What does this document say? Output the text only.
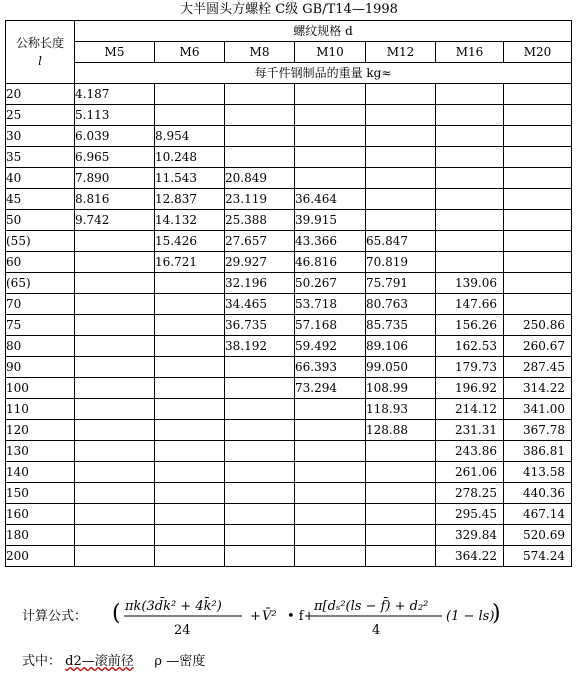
大半圆头方螺栓 C级 GB/T14—1998
公称长度
l	螺纹规格 d						
	M5	M6	M8	M10	M12	M16	M20
	每千件钢制品的重量 kg≈						
20	4.187						
25	5.113						
30	6.039	8.954					
35	6.965	10.248					
40	7.890	11.543	20.849				
45	8.816	12.837	23.119	36.464			
50	9.742	14.132	25.388	39.915			
(55)		15.426	27.657	43.366	65.847		
60		16.721	29.927	46.816	70.819		
(65)			32.196	50.267	75.791	139.06	
70			34.465	53.718	80.763	147.66	
75			36.735	57.168	85.735	156.26	250.86
80			38.192	59.492	89.106	162.53	260.67
90				66.393	99.050	179.73	287.45
100				73.294	108.99	196.92	314.22
110					118.93	214.12	341.00
120					128.88	231.31	367.78
130						243.86	386.81
140						261.06	413.58
150						278.25	440.36
160						295.45	467.14
180						329.84	520.69
200						364.22	574.24
计算公式： ( πk(3d̄k² + 4k̄²)
24
+ V̄² • f+
π[dₛ²(ls − f̄) + d₂²
4
(1 − ls)
)
式中： d2—滚前径 ρ —密度
